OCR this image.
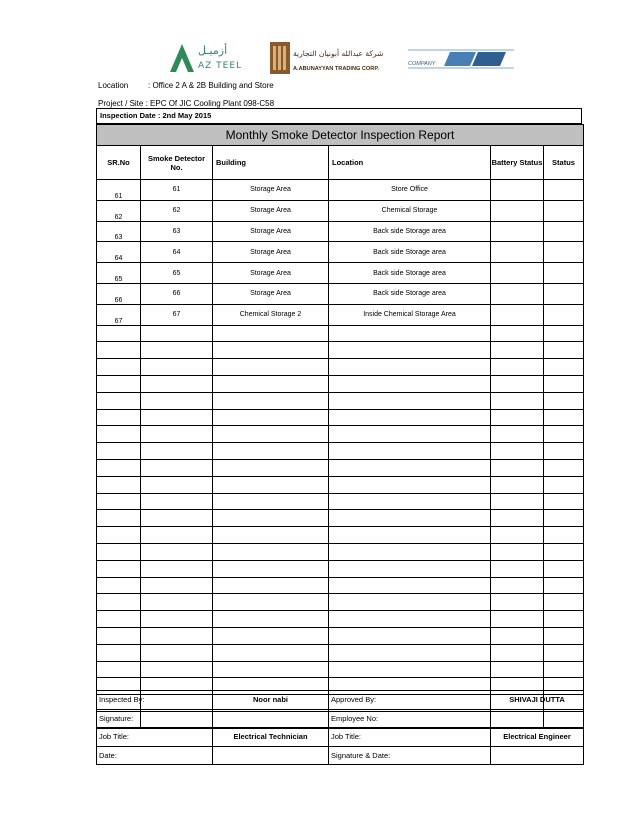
أزميـل
AZ TEEL
شركة عبدالله أبونيان التجارية
A.ABUNAYYAN TRADING CORP.
COMPANY
Location : Office 2 A & 2B Building and Store
Project / Site : EPC Of JIC Cooling Plant 098-C58
Inspection Date : 2nd May 2015
Monthly Smoke Detector Inspection Report					
SR.No	Smoke Detector No.	Building	Location	Battery Status	Status
61	61	Storage Area	Store Office		
62	62	Storage Area	Chemical Storage		
63	63	Storage Area	Back side Storage area		
64	64	Storage Area	Back side Storage area		
65	65	Storage Area	Back side Storage area		
66	66	Storage Area	Back side Storage area		
67	67	Chemical Storage 2	Inside Chemical Storage Area		

Inspected By:	Noor nabi	Approved By:	SHIVAJI DUTTA
Signature:		Employee No:	
Job Title:	Electrical Technician	Job Title:	Electrical Engineer
Date:		Signature & Date:	
